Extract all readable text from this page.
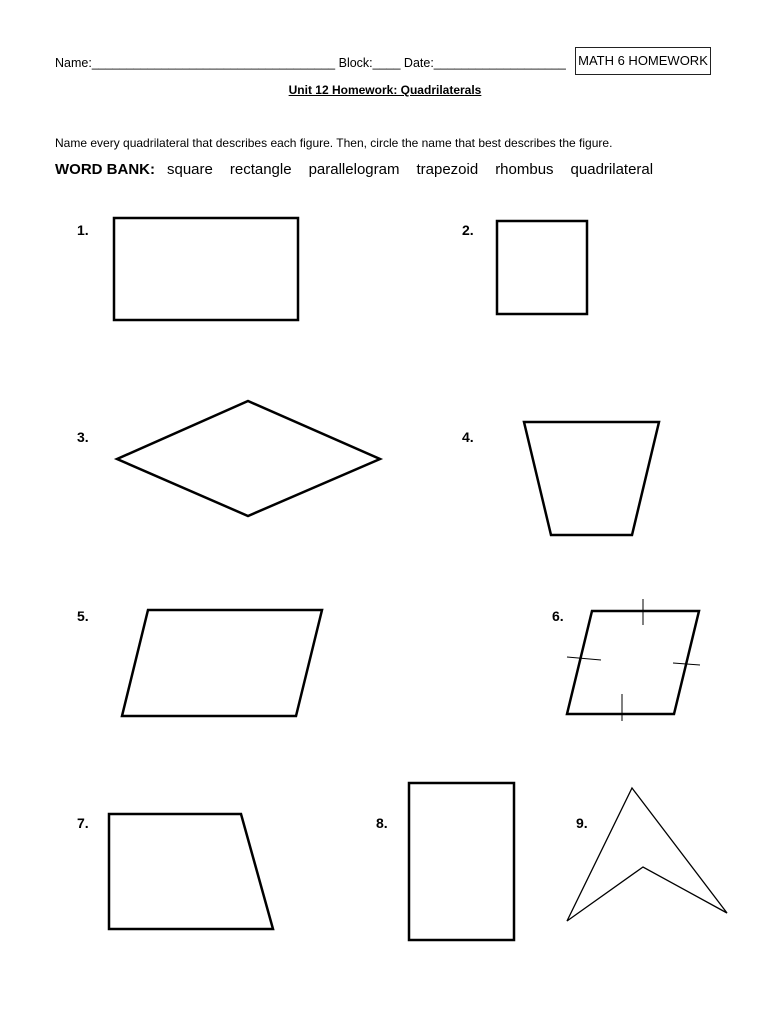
Name:___________________________________ Block:____ Date:___________________ MATH 6 HOMEWORK
Unit 12 Homework: Quadrilaterals
Name every quadrilateral that describes each figure. Then, circle the name that best describes the figure.
WORD BANK: square rectangle parallelogram trapezoid rhombus quadrilateral
1.	2.
3.	4.
5.	6.
7.	8.	9.
